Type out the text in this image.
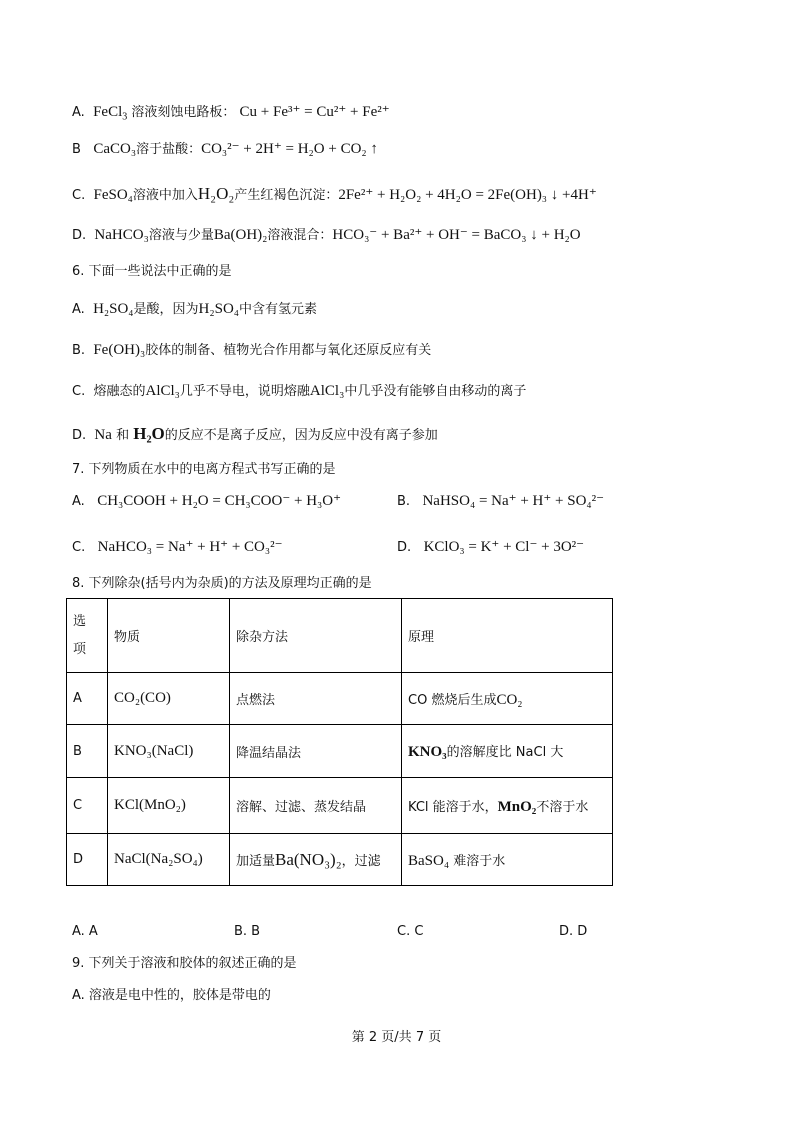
A. FeCl$_3$ 溶液刻蚀电路板： Cu + Fe³⁺ = Cu²⁺ + Fe²⁺
B CaCO₃溶于盐酸：CO₃²⁻ + 2H⁺ = H₂O + CO₂ ↑
C. FeSO₄溶液中加入H₂O₂产生红褐色沉淀：2Fe²⁺ + H₂O₂ + 4H₂O = 2Fe(OH)₃ ↓ +4H⁺
D. NaHCO₃溶液与少量Ba(OH)₂溶液混合：HCO₃⁻ + Ba²⁺ + OH⁻ = BaCO₃ ↓ + H₂O
6. 下面一些说法中正确的是
A. H₂SO₄是酸，因为H₂SO₄中含有氢元素
B. Fe(OH)₃胶体的制备、植物光合作用都与氧化还原反应有关
C. 熔融态的AlCl₃几乎不导电，说明熔融AlCl₃中几乎没有能够自由移动的离子
D. Na 和 H₂O的反应不是离子反应，因为反应中没有离子参加
7. 下列物质在水中的电离方程式书写正确的是
A. CH₃COOH + H₂O = CH₃COO⁻ + H₃O⁺	B. NaHSO₄ = Na⁺ + H⁺ + SO₄²⁻
C. NaHCO₃ = Na⁺ + H⁺ + CO₃²⁻	D. KClO₃ = K⁺ + Cl⁻ + 3O²⁻
8. 下列除杂(括号内为杂质)的方法及原理均正确的是
选
项	物质	除杂方法	原理
A	CO₂(CO)	点燃法	CO 燃烧后生成CO₂
B	KNO₃(NaCl)	降温结晶法	KNO₃的溶解度比 NaCl 大
C	KCl(MnO₂)	溶解、过滤、蒸发结晶	KCl 能溶于水，MnO₂不溶于水
D	NaCl(Na₂SO₄)	加适量Ba(NO₃)₂，过滤	BaSO₄ 难溶于水
A. A	B. B	C. C	D. D
9. 下列关于溶液和胶体的叙述正确的是
A. 溶液是电中性的，胶体是带电的
第 2 页/共 7 页
